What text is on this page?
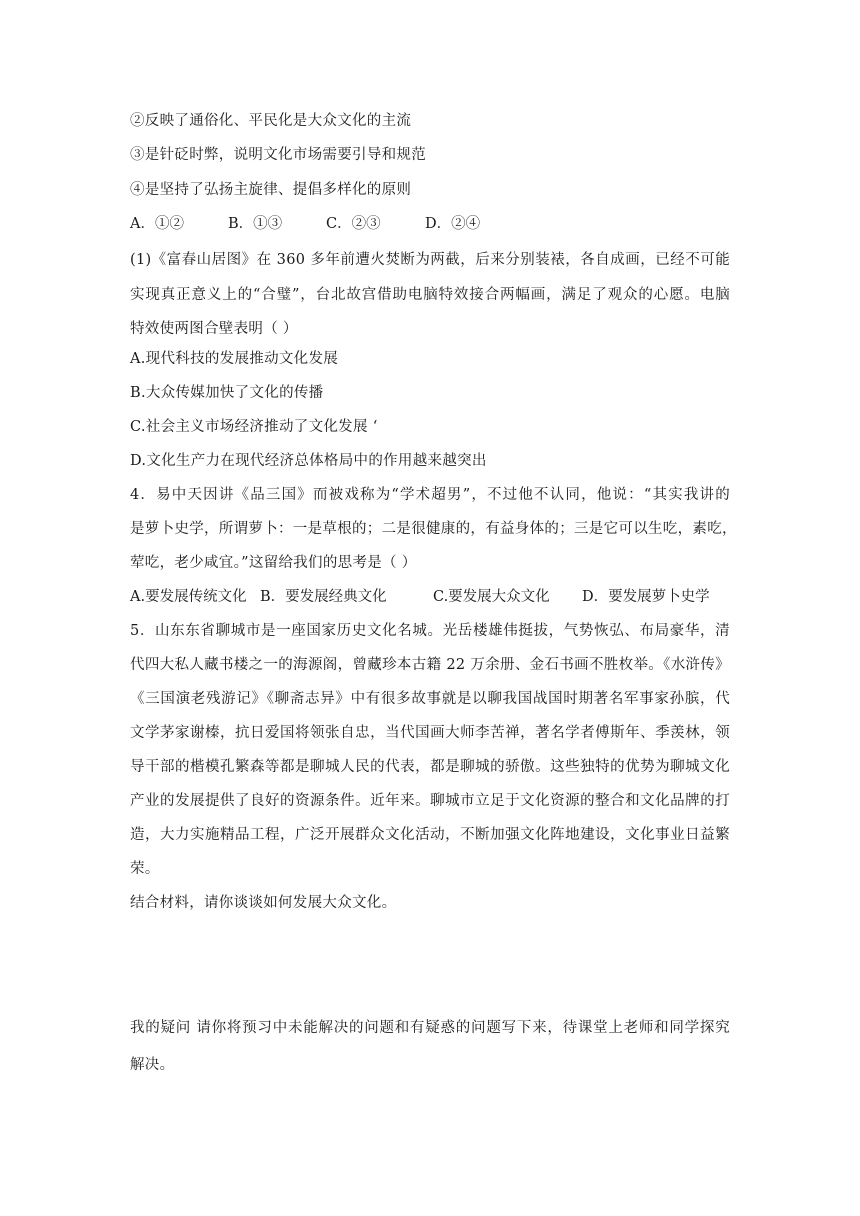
②反映了通俗化、平民化是大众文化的主流

③是针砭时弊，说明文化市场需要引导和规范

④是坚持了弘扬主旋律、提倡多样化的原则

A．①②	B．①③	C．②③	D．②④

(1)《富春山居图》在 360 多年前遭火焚断为两截，后来分别装裱，各自成画，已经不可能

实现真正意义上的“合璧”，台北故宫借助电脑特效接合两幅画，满足了观众的心愿。电脑

特效使两图合壁表明（ ）

A.现代科技的发展推动文化发展

B.大众传媒加快了文化的传播

C.社会主义市场经济推动了文化发展 ‘

D.文化生产力在现代经济总体格局中的作用越来越突出

4．易中天因讲《品三国》而被戏称为“学术超男”，不过他不认同，他说：“其实我讲的

是萝卜史学，所谓萝卜：一是草根的；二是很健康的，有益身体的；三是它可以生吃，素吃，

荤吃，老少咸宜。”这留给我们的思考是（ ）

A.要发展传统文化 B．要发展经典文化	C.要发展大众文化 D．要发展萝卜史学

5．山东东省聊城市是一座国家历史文化名城。光岳楼雄伟挺拔，气势恢弘、布局豪华，清

代四大私人藏书楼之一的海源阁，曾藏珍本古籍 22 万余册、金石书画不胜枚举。《水浒传》

《三国演老残游记》《聊斋志异》中有很多故事就是以聊我国战国时期著名军事家孙膑，代

文学茅家谢榛，抗日爱国将领张自忠，当代国画大师李苦禅，著名学者傅斯年、季羡林，领

导干部的楷模孔繁森等都是聊城人民的代表，都是聊城的骄傲。这些独特的优势为聊城文化

产业的发展提供了良好的资源条件。近年来。聊城市立足于文化资源的整合和文化品牌的打

造，大力实施精品工程，广泛开展群众文化活动，不断加强文化阵地建设，文化事业日益繁

荣。

结合材料，请你谈谈如何发展大众文化。

我的疑问 请你将预习中未能解决的问题和有疑惑的问题写下来，待课堂上老师和同学探究

解决。
